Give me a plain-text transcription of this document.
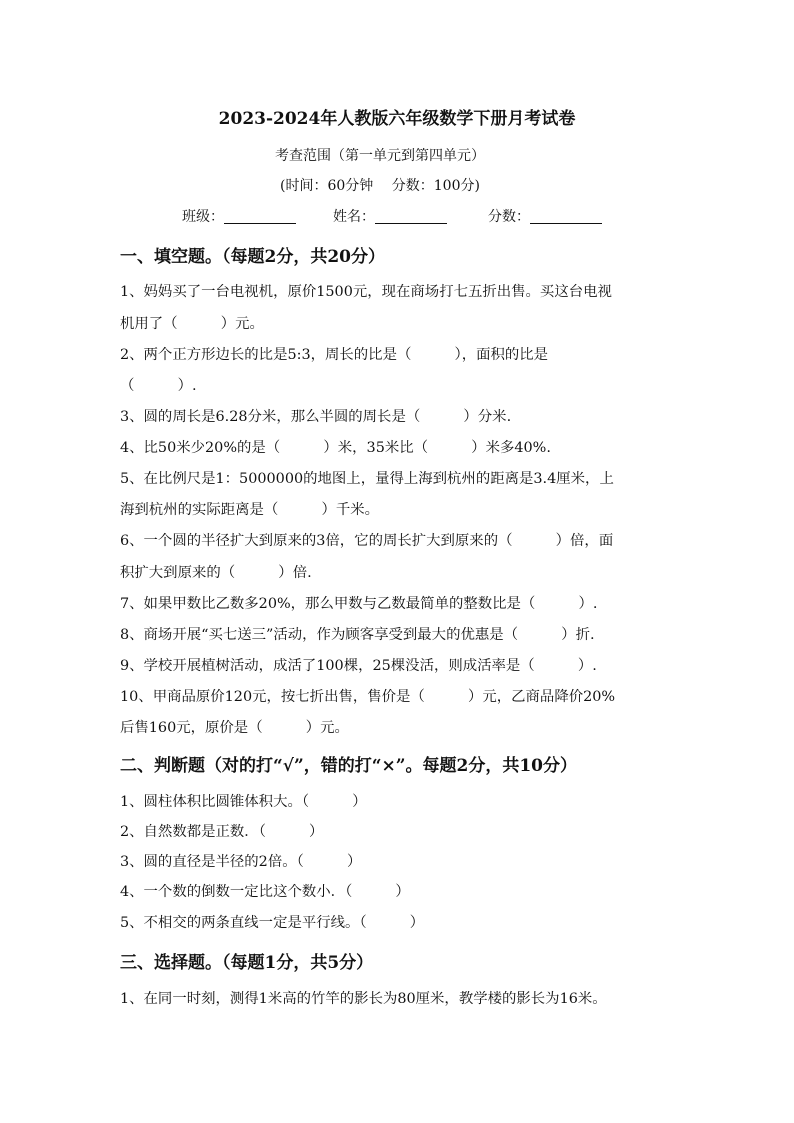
2023-2024年人教版六年级数学下册月考试卷
考查范围（第一单元到第四单元）
(时间：60分钟　 分数：100分)
班级：	姓名：	分数：
一、填空题。（每题2分，共20分）
1、妈妈买了一台电视机，原价1500元，现在商场打七五折出售。买这台电视
机用了（　　　）元。
2、两个正方形边长的比是5:3，周长的比是（　　　），面积的比是
（　　　）.
3、圆的周长是6.28分米，那么半圆的周长是（　　　）分米.
4、比50米少20%的是（　　　）米，35米比（　　　）米多40%.
5、在比例尺是1：5000000的地图上，量得上海到杭州的距离是3.4厘米，上
海到杭州的实际距离是（　　　）千米。
6、一个圆的半径扩大到原来的3倍，它的周长扩大到原来的（　　　）倍，面
积扩大到原来的（　　　）倍.
7、如果甲数比乙数多20%，那么甲数与乙数最简单的整数比是（　　　）.
8、商场开展“买七送三”活动，作为顾客享受到最大的优惠是（　　　）折.
9、学校开展植树活动，成活了100棵，25棵没活，则成活率是（　　　）.
10、甲商品原价120元，按七折出售，售价是（　　　）元，乙商品降价20%
后售160元，原价是（　　　）元。
二、判断题（对的打“√”，错的打“×”。每题2分，共10分）
1、圆柱体积比圆锥体积大。（　　　）
2、自然数都是正数．（　　　）
3、圆的直径是半径的2倍。（　　　）
4、一个数的倒数一定比这个数小．（　　　）
5、不相交的两条直线一定是平行线。（　　　）
三、选择题。（每题1分，共5分）
1、在同一时刻，测得1米高的竹竿的影长为80厘米，教学楼的影长为16米。
